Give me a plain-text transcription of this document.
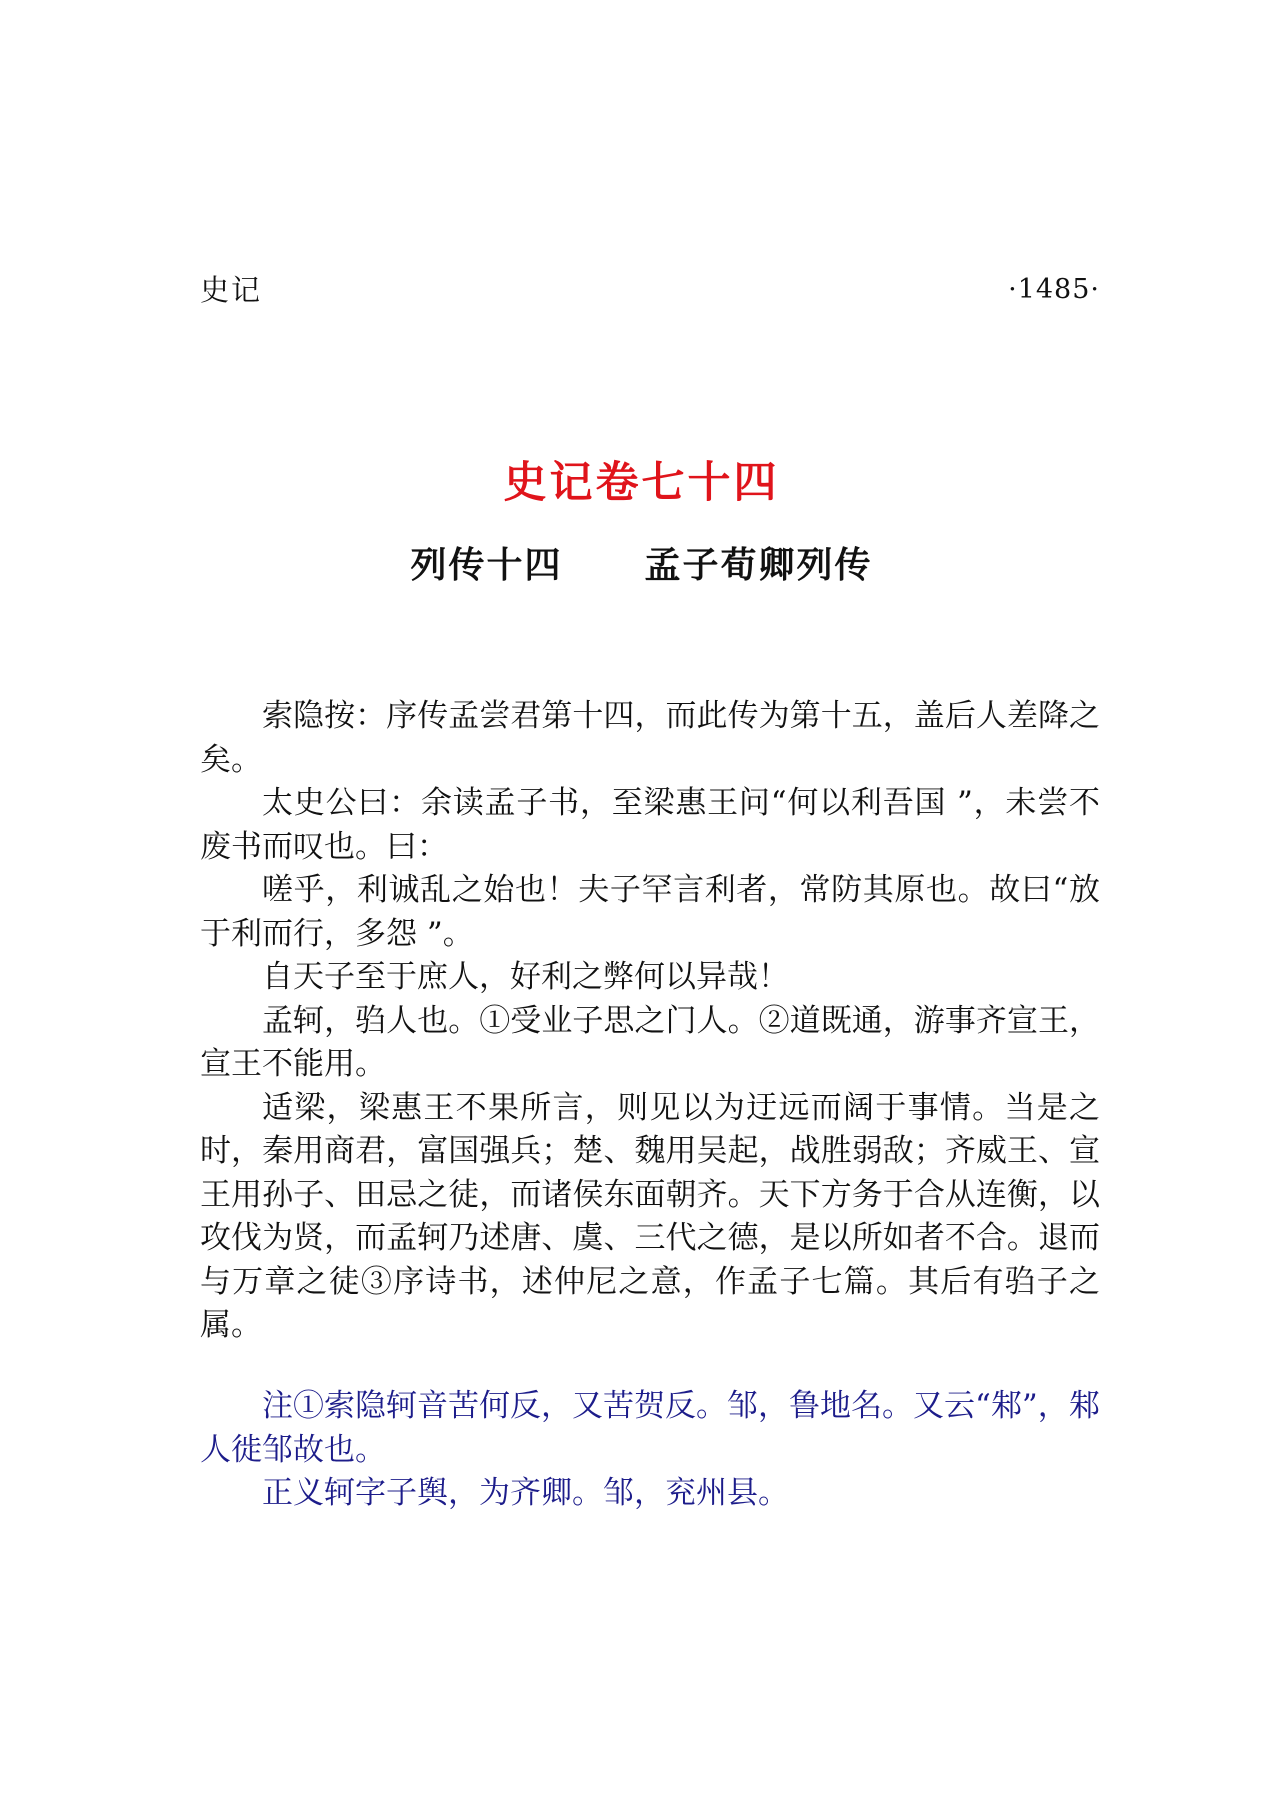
史记	·1485·
史记卷七十四
列传十四 孟子荀卿列传

索隐按：序传孟尝君第十四，而此传为第十五，盖后人差降之矣。

太史公曰：余读孟子书，至梁惠王问“何以利吾国 ”，未尝不废书而叹也。曰：

嗟乎，利诚乱之始也！夫子罕言利者，常防其原也。故曰“放于利而行，多怨 ”。

自天子至于庶人，好利之弊何以异哉！

孟轲，驺人也。①受业子思之门人。②道既通，游事齐宣王，宣王不能用。

适梁，梁惠王不果所言，则见以为迂远而阔于事情。当是之时，秦用商君，富国强兵；楚、魏用吴起，战胜弱敌；齐威王、宣王用孙子、田忌之徒，而诸侯东面朝齐。天下方务于合从连衡，以攻伐为贤，而孟轲乃述唐、虞、三代之德，是以所如者不合。退而与万章之徒③序诗书，述仲尼之意，作孟子七篇。其后有驺子之属。

注①索隐轲音苦何反，又苦贺反。邹，鲁地名。又云“邾”，邾人徙邹故也。

正义轲字子舆，为齐卿。邹，兖州县。
